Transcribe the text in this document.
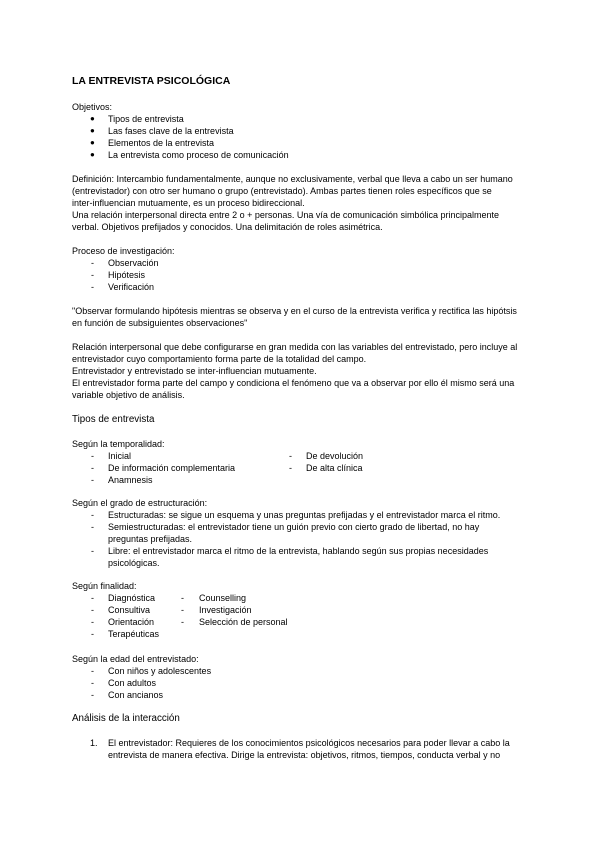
LA ENTREVISTA PSICOLÓGICA
Objetivos:
● Tipos de entrevista
● Las fases clave de la entrevista
● Elementos de la entrevista
● La entrevista como proceso de comunicación
Definición: Intercambio fundamentalmente, aunque no exclusivamente, verbal que lleva a cabo un ser humano
(entrevistador) con otro ser humano o grupo (entrevistado). Ambas partes tienen roles específicos que se
inter-influencian mutuamente, es un proceso bidireccional.
Una relación interpersonal directa entre 2 o + personas. Una vía de comunicación simbólica principalmente
verbal. Objetivos prefijados y conocidos. Una delimitación de roles asimétrica.
Proceso de investigación:
- Observación
- Hipótesis
- Verificación
"Observar formulando hipótesis mientras se observa y en el curso de la entrevista verifica y rectifica las hipótsis
en función de subsiguientes observaciones"
Relación interpersonal que debe configurarse en gran medida con las variables del entrevistado, pero incluye al
entrevistador cuyo comportamiento forma parte de la totalidad del campo.
Entrevistador y entrevistado se inter-influencian mutuamente.
El entrevistador forma parte del campo y condiciona el fenómeno que va a observar por ello él mismo será una
variable objetivo de análisis.
Tipos de entrevista
Según la temporalidad:
- Inicial
- De información complementaria
- Anamnesis
- De devolución
- De alta clínica
Según el grado de estructuración:
- Estructuradas: se sigue un esquema y unas preguntas prefijadas y el entrevistador marca el ritmo.
- Semiestructuradas: el entrevistador tiene un guión previo con cierto grado de libertad, no hay
preguntas prefijadas.
- Libre: el entrevistador marca el ritmo de la entrevista, hablando según sus propias necesidades
psicológicas.
Según finalidad:
- Diagnóstica
- Consultiva
- Orientación
- Terapéuticas
- Counselling
- Investigación
- Selección de personal
Según la edad del entrevistado:
- Con niños y adolescentes
- Con adultos
- Con ancianos
Análisis de la interacción
1. El entrevistador: Requieres de los conocimientos psicológicos necesarios para poder llevar a cabo la
entrevista de manera efectiva. Dirige la entrevista: objetivos, ritmos, tiempos, conducta verbal y no
